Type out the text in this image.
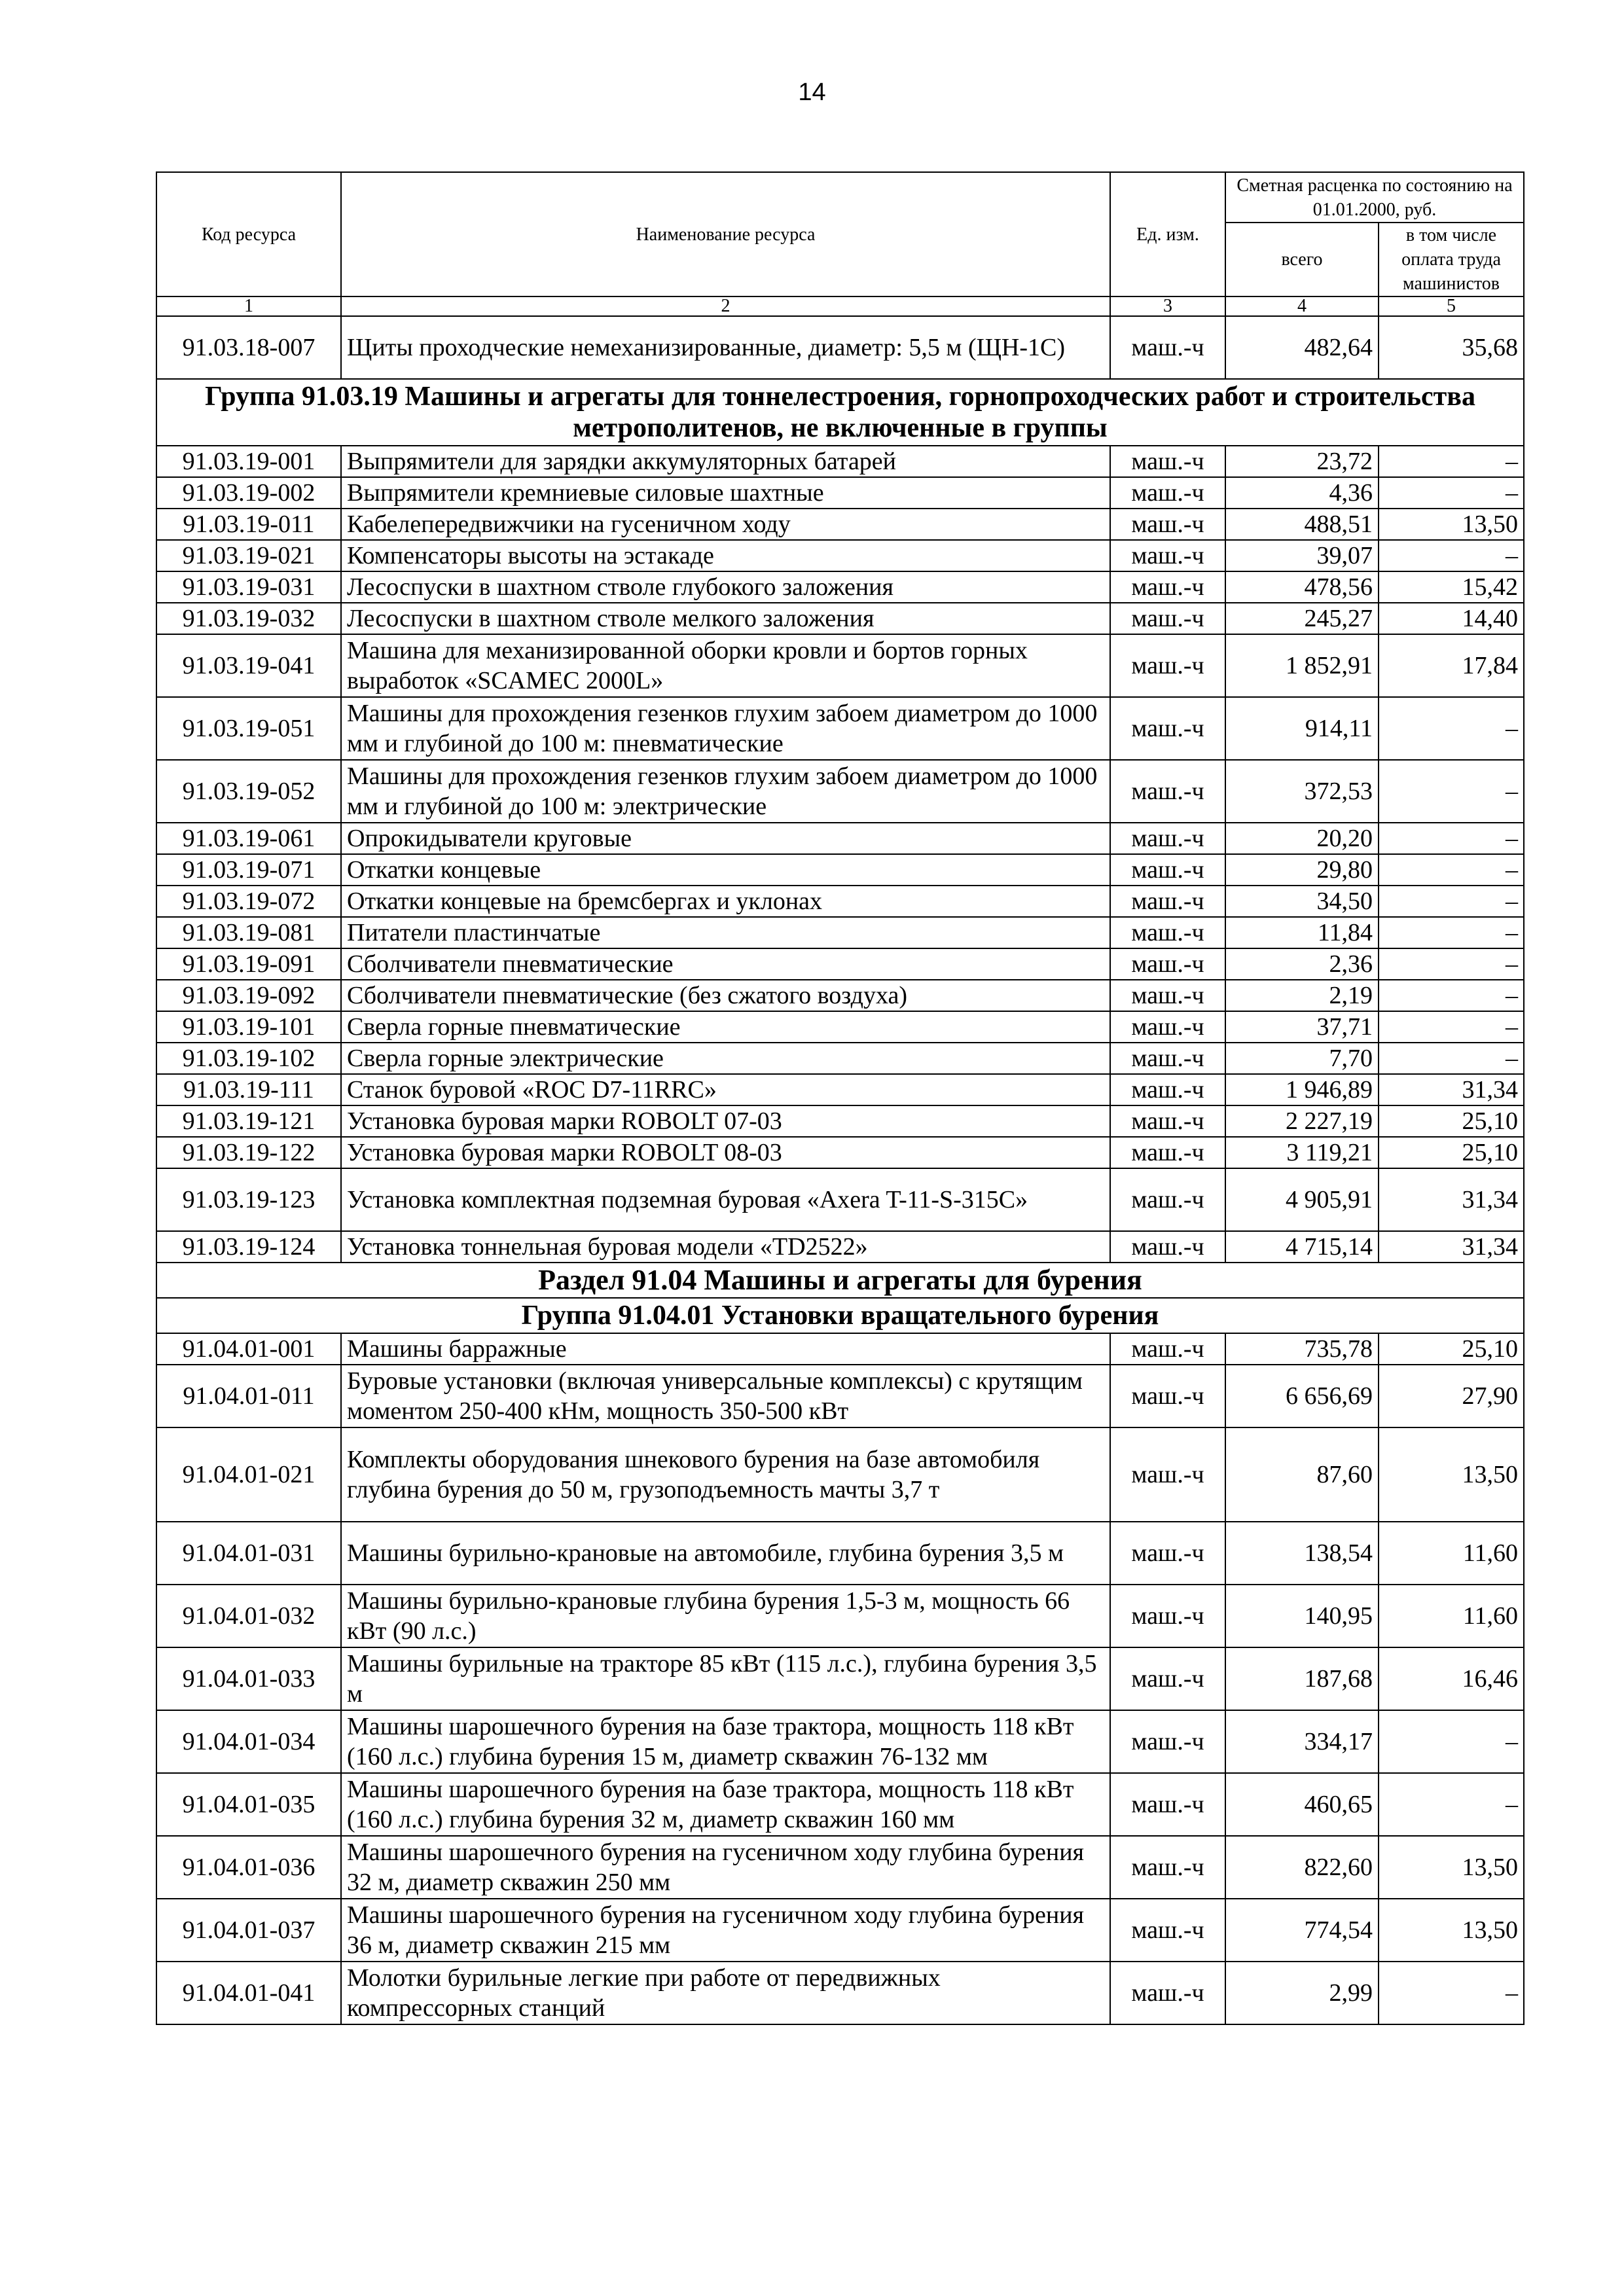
14
Код ресурса	Наименование ресурса	Ед. изм.	Сметная расценка по состоянию на 01.01.2000, руб.	
			всего	в том числе оплата труда машинистов
1	2	3	4	5
91.03.18-007	Щиты проходческие немеханизированные, диаметр: 5,5 м (ЩН-1С)	маш.-ч	482,64	35,68
Группа 91.03.19 Машины и агрегаты для тоннелестроения, горнопроходческих работ и строительства метрополитенов, не включенные в группы				
91.03.19-001	Выпрямители для зарядки аккумуляторных батарей	маш.-ч	23,72	–
91.03.19-002	Выпрямители кремниевые силовые шахтные	маш.-ч	4,36	–
91.03.19-011	Кабелепередвижчики на гусеничном ходу	маш.-ч	488,51	13,50
91.03.19-021	Компенсаторы высоты на эстакаде	маш.-ч	39,07	–
91.03.19-031	Лесоспуски в шахтном стволе глубокого заложения	маш.-ч	478,56	15,42
91.03.19-032	Лесоспуски в шахтном стволе мелкого заложения	маш.-ч	245,27	14,40
91.03.19-041	Машина для механизированной оборки кровли и бортов горных выработок «SCAMEC 2000L»	маш.-ч	1 852,91	17,84
91.03.19-051	Машины для прохождения гезенков глухим забоем диаметром до 1000 мм и глубиной до 100 м: пневматические	маш.-ч	914,11	–
91.03.19-052	Машины для прохождения гезенков глухим забоем диаметром до 1000 мм и глубиной до 100 м: электрические	маш.-ч	372,53	–
91.03.19-061	Опрокидыватели круговые	маш.-ч	20,20	–
91.03.19-071	Откатки концевые	маш.-ч	29,80	–
91.03.19-072	Откатки концевые на бремсбергах и уклонах	маш.-ч	34,50	–
91.03.19-081	Питатели пластинчатые	маш.-ч	11,84	–
91.03.19-091	Сболчиватели пневматические	маш.-ч	2,36	–
91.03.19-092	Сболчиватели пневматические (без сжатого воздуха)	маш.-ч	2,19	–
91.03.19-101	Сверла горные пневматические	маш.-ч	37,71	–
91.03.19-102	Сверла горные электрические	маш.-ч	7,70	–
91.03.19-111	Станок буровой «ROC D7-11RRC»	маш.-ч	1 946,89	31,34
91.03.19-121	Установка буровая марки ROBOLT 07-03	маш.-ч	2 227,19	25,10
91.03.19-122	Установка буровая марки ROBOLT 08-03	маш.-ч	3 119,21	25,10
91.03.19-123	Установка комплектная подземная буровая «Axera T-11-S-315C»	маш.-ч	4 905,91	31,34
91.03.19-124	Установка тоннельная буровая модели «TD2522»	маш.-ч	4 715,14	31,34
Раздел 91.04 Машины и агрегаты для бурения				
Группа 91.04.01 Установки вращательного бурения				
91.04.01-001	Машины барражные	маш.-ч	735,78	25,10
91.04.01-011	Буровые установки (включая универсальные комплексы) с крутящим моментом 250-400 кНм, мощность 350-500 кВт	маш.-ч	6 656,69	27,90
91.04.01-021	Комплекты оборудования шнекового бурения на базе автомобиля глубина бурения до 50 м, грузоподъемность мачты 3,7 т	маш.-ч	87,60	13,50
91.04.01-031	Машины бурильно-крановые на автомобиле, глубина бурения 3,5 м	маш.-ч	138,54	11,60
91.04.01-032	Машины бурильно-крановые глубина бурения 1,5-3 м, мощность 66 кВт (90 л.с.)	маш.-ч	140,95	11,60
91.04.01-033	Машины бурильные на тракторе 85 кВт (115 л.с.), глубина бурения 3,5 м	маш.-ч	187,68	16,46
91.04.01-034	Машины шарошечного бурения на базе трактора, мощность 118 кВт (160 л.с.) глубина бурения 15 м, диаметр скважин 76-132 мм	маш.-ч	334,17	–
91.04.01-035	Машины шарошечного бурения на базе трактора, мощность 118 кВт (160 л.с.) глубина бурения 32 м, диаметр скважин 160 мм	маш.-ч	460,65	–
91.04.01-036	Машины шарошечного бурения на гусеничном ходу глубина бурения 32 м, диаметр скважин 250 мм	маш.-ч	822,60	13,50
91.04.01-037	Машины шарошечного бурения на гусеничном ходу глубина бурения 36 м, диаметр скважин 215 мм	маш.-ч	774,54	13,50
91.04.01-041	Молотки бурильные легкие при работе от передвижных компрессорных станций	маш.-ч	2,99	–
